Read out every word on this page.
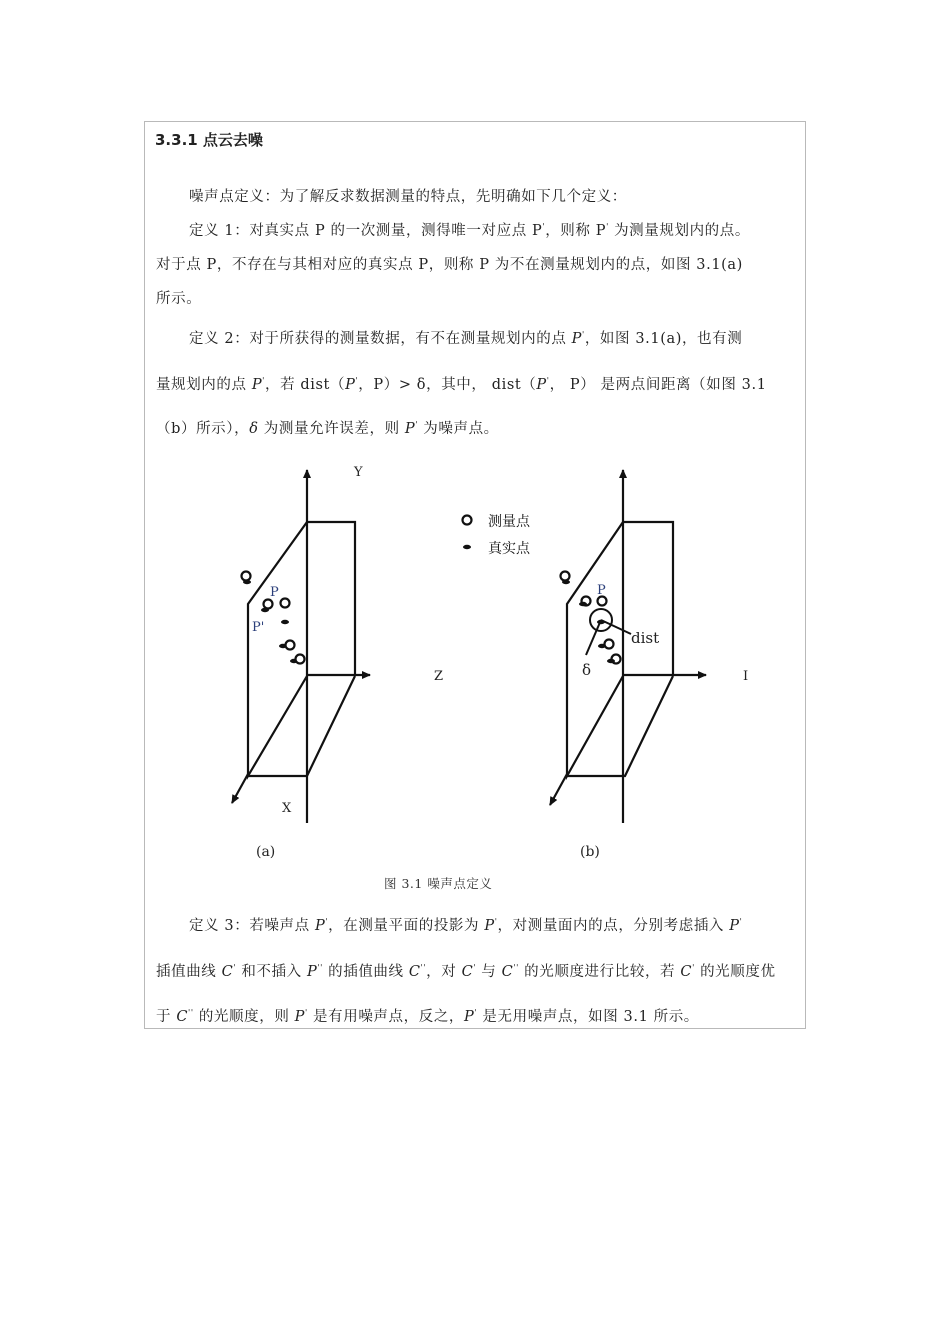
3.3.1 点云去噪
噪声点定义：为了解反求数据测量的特点，先明确如下几个定义：
定义 1：对真实点 P 的一次测量，测得唯一对应点 P'，则称 P' 为测量规划内的点。
对于点 P，不存在与其相对应的真实点 P，则称 P 为不在测量规划内的点，如图 3.1(a)
所示。
定义 2：对于所获得的测量数据，有不在测量规划内的点 P'，如图 3.1(a)，也有测
量规划内的点 P'，若 dist（P'，P）> δ，其中， dist（P'， P） 是两点间距离（如图 3.1
（b）所示），δ 为测量允许误差，则 P' 为噪声点。
Y
Z
X
P
P'
(a)
测量点
真实点
P
dist
δ	I
(b)
图 3.1 噪声点定义
定义 3：若噪声点 P'，在测量平面的投影为 P'，对测量面内的点，分别考虑插入 P'
插值曲线 C' 和不插入 P'' 的插值曲线 C''，对 C' 与 C'' 的光顺度进行比较，若 C' 的光顺度优
于 C'' 的光顺度，则 P' 是有用噪声点，反之，P' 是无用噪声点，如图 3.1 所示。
